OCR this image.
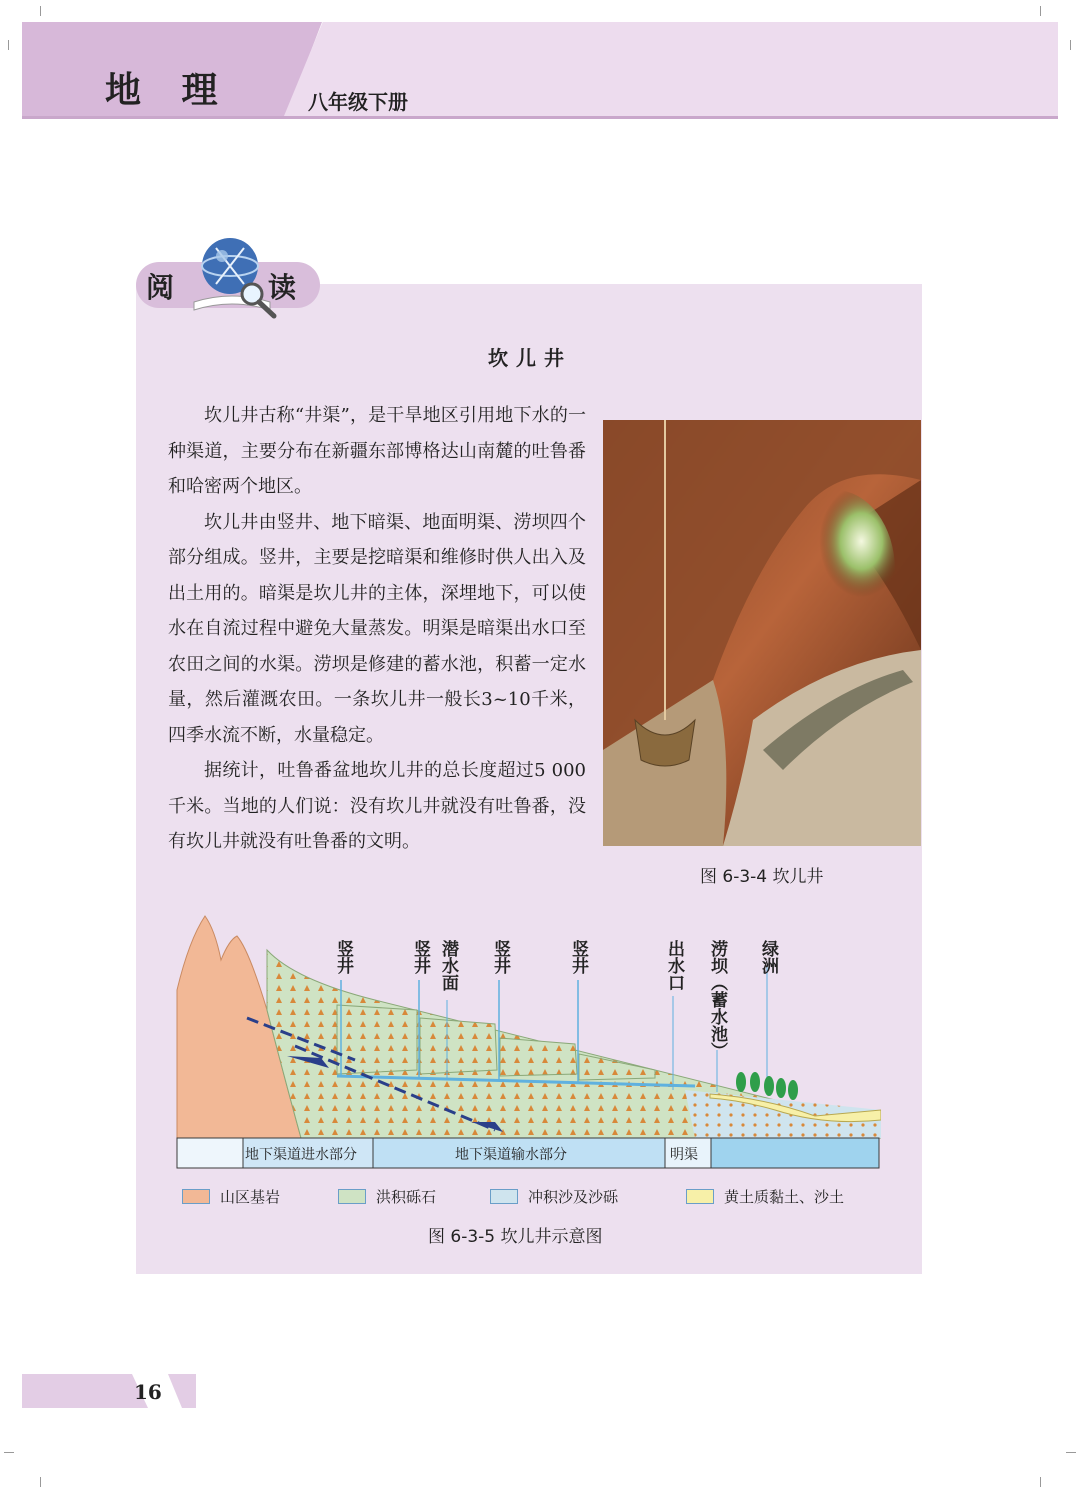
地 理	八年级下册
阅	读
坎儿井

坎儿井古称“井渠”，是干旱地区引用地下水的一种渠道，主要分布在新疆东部博格达山南麓的吐鲁番和哈密两个地区。

坎儿井由竖井、地下暗渠、地面明渠、涝坝四个部分组成。竖井，主要是挖暗渠和维修时供人出入及出土用的。暗渠是坎儿井的主体，深埋地下，可以使水在自流过程中避免大量蒸发。明渠是暗渠出水口至农田之间的水渠。涝坝是修建的蓄水池，积蓄一定水量，然后灌溉农田。一条坎儿井一般长3~10千米，四季水流不断，水量稳定。

据统计，吐鲁番盆地坎儿井的总长度超过5 000千米。当地的人们说：没有坎儿井就没有吐鲁番，没有坎儿井就没有吐鲁番的文明。

图 6-3-4 坎儿井
竖井	竖井 潜水面 竖井	竖井	出水口 涝坝（蓄水池） 绿洲
地下渠道进水部分	地下渠道输水部分	明渠
山区基岩	洪积砾石	冲积沙及沙砾	黄土质黏土、沙土
图 6-3-5 坎儿井示意图
16
